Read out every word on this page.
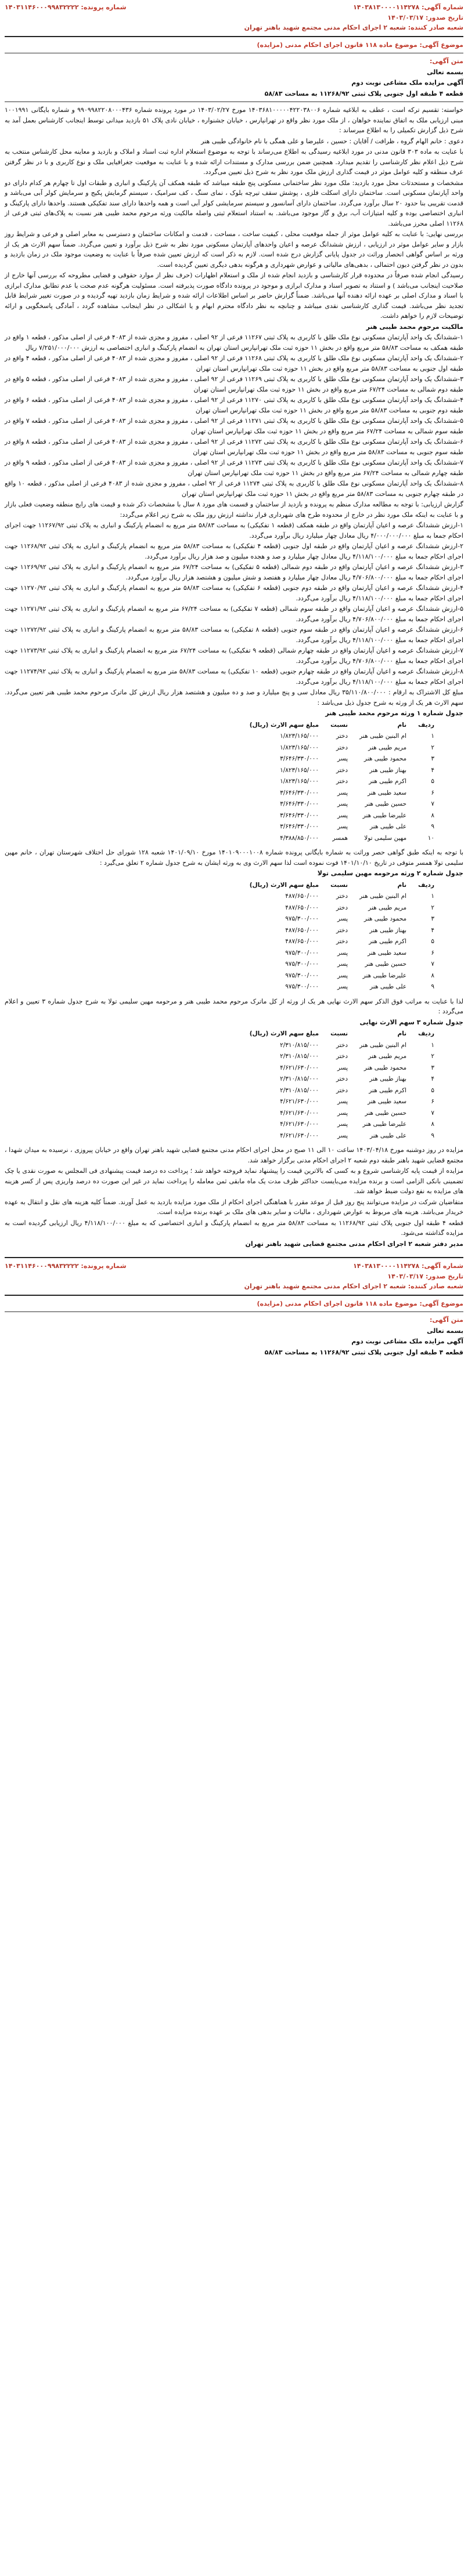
شماره آگهی: ۱۴۰۳۸۱۳۰۰۰۰۱۱۴۲۷۸
شماره پرونده: ۱۴۰۳۱۱۴۶۰۰۰۹۹۸۳۲۲۲۲
تاریخ صدور: ۱۴۰۳/۰۳/۱۷
شعبه صادر کننده: شعبه ۲ اجرای احکام مدنی مجتمع شهید باهنر تهران

موضوع آگهی: موضوع ماده ۱۱۸ قانون اجرای احکام مدنی (مزایده)

متن آگهی:

بسمه تعالی

آگهی مزایده ملک مشاعی نوبت دوم

قطعه ۴ طبقه اول جنوبی پلاک ثبتی ۱۱۲۶۸/۹۲ به مساحت ۵۸/۸۳

خواسته: تقسیم ترکه است ، عطف به ابلاغیه شماره ۱۴۰۳۶۸۱۰۰۰۰۰۴۲۲۰۳۸۰۰۶ مورخ ۱۴۰۳/۰۲/۲۷ در مورد پرونده شماره ۹۹۰۹۹۸۲۲۰۸۰۰۰۴۳۶ و شماره بایگانی ۱۰۰۱۹۹۱ مبنی ارزیابی ملک به اتفاق نماینده خواهان ، از ملک مورد نظر واقع در تهرانپارس ، خیابان جشنواره ، خیابان نادی پلاک ۵۱ بازدید میدانی توسط اینجانب کارشناس بعمل آمد به شرح ذیل گزارش تکمیلی را به اطلاع میرساند :

دعوی : خانم الهام گروه ، ظرافت / آقایان : حسین ، علیرضا و علی همگی با نام خانوادگی طیبی هنر

با عنایت به ماده ۳۰۳ قانون مدنی در مورد ابلاغیه رسیدگی به اطلاع می‌رساند با توجه به موضوع استعلام اداره ثبت اسناد و املاک و بازدید و معاینه محل کارشناس منتخب به شرح ذیل اعلام نظر کارشناسی را تقدیم میدارد. همچنین ضمن بررسی مدارک و مستندات ارائه شده و با عنایت به موقعیت جغرافیایی ملک و نوع کاربری و با در نظر گرفتن عرف منطقه و کلیه عوامل موثر در قیمت گذاری ارزش ملک مورد نظر به شرح ذیل تعیین می‌گردد.

مشخصات و مستحدثات محل مورد بازدید: ملک مورد نظر ساختمانی مسکونی پنج طبقه میباشد که طبقه همکف آن پارکینگ و انباری و طبقات اول تا چهارم هر کدام دارای دو واحد آپارتمان مسکونی است. ساختمان دارای اسکلت فلزی ، پوشش سقف تیرچه بلوک ، نمای سنگ ، کف سرامیک ، سیستم گرمایش پکیج و سرمایش کولر آبی می‌باشد و قدمت تقریبی بنا حدود ۲۰ سال برآورد می‌گردد. ساختمان دارای آسانسور و سیستم سرمایشی کولر آبی است و همه واحدها دارای سند تفکیکی هستند. واحدها دارای پارکینگ و انباری اختصاصی بوده و کلیه امتیازات آب، برق و گاز موجود می‌باشد. به استناد استعلام ثبتی واصله مالکیت ورثه مرحوم محمد طیبی هنر نسبت به پلاک‌های ثبتی فرعی از ۱۱۲۶۸ اصلی محرز می‌باشد.

بررسی نهایی: با عنایت به کلیه عوامل موثر از جمله موقعیت محلی ، کیفیت ساخت ، مساحت ، قدمت و امکانات ساختمان و دسترسی به معابر اصلی و فرعی و شرایط روز بازار و سایر عوامل موثر در ارزیابی ، ارزش ششدانگ عرصه و اعیان واحدهای آپارتمان مسکونی مورد نظر به شرح ذیل برآورد و تعیین می‌گردد. ضمناً سهم الارث هر یک از ورثه بر اساس گواهی انحصار وراثت در جدول پایانی گزارش درج شده است. لازم به ذکر است که ارزش تعیین شده صرفاً با عنایت به وضعیت موجود ملک در زمان بازدید و بدون در نظر گرفتن دیون احتمالی ، بدهی‌های مالیاتی و عوارض شهرداری و هرگونه بدهی دیگری تعیین گردیده است.

رسیدگی انجام شده صرفاً در محدوده قرار کارشناسی و بازدید انجام شده از ملک و استعلام اظهارات (حرف نظر از موارد حقوقی و قضایی مطروحه که بررسی آنها خارج از صلاحیت اینجانب می‌باشد ) و استناد به تصویر اسناد و مدارک ابرازی و موجود در پرونده دادگاه صورت پذیرفته است. مسئولیت هرگونه عدم صحت یا عدم تطابق مدارک ابرازی با اسناد و مدارک اصلی بر عهده ارائه دهنده آنها می‌باشد. ضمناً گزارش حاضر بر اساس اطلاعات ارائه شده و شرایط زمان بازدید تهیه گردیده و در صورت تغییر شرایط قابل تجدید نظر می‌باشد. قیمت گذاری کارشناسی نقدی میباشد و چنانچه به نظر دادگاه محترم ابهام و یا اشکالی در نظر اینجانب مشاهده گردد ، آمادگی پاسخگویی و ارائه توضیحات لازم را خواهم داشت.

مالکیت مرحوم محمد طیبی هنر

۱-ششدانگ یک واحد آپارتمان مسکونی نوع ملک طلق با کاربری به پلاک ثبتی ۱۱۲۶۷ فرعی از ۹۲ اصلی ، مفروز و مجزی شده از ۴۰۸۳ فرعی از اصلی مذکور ، قطعه ۱ واقع در طبقه همکف به مساحت ۵۸/۸۳ متر مربع واقع در بخش ۱۱ حوزه ثبت ملک تهرانپارس استان تهران به انضمام پارکینگ و انباری اختصاصی به ارزش ۷/۲۵۱/۰۰۰/۰۰۰ ریال

۲-ششدانگ یک واحد آپارتمان مسکونی نوع ملک طلق با کاربری به پلاک ثبتی ۱۱۲۶۸ فرعی از ۹۲ اصلی ، مفروز و مجزی شده از ۴۰۸۳ فرعی از اصلی مذکور ، قطعه ۴ واقع در طبقه اول جنوبی به مساحت ۵۸/۸۳ متر مربع واقع در بخش ۱۱ حوزه ثبت ملک تهرانپارس استان تهران

۳-ششدانگ یک واحد آپارتمان مسکونی نوع ملک طلق با کاربری به پلاک ثبتی ۱۱۲۶۹ فرعی از ۹۲ اصلی ، مفروز و مجزی شده از ۴۰۸۳ فرعی از اصلی مذکور ، قطعه ۵ واقع در طبقه دوم شمالی به مساحت ۶۷/۲۴ متر مربع واقع در بخش ۱۱ حوزه ثبت ملک تهرانپارس استان تهران

۴-ششدانگ یک واحد آپارتمان مسکونی نوع ملک طلق با کاربری به پلاک ثبتی ۱۱۲۷۰ فرعی از ۹۲ اصلی ، مفروز و مجزی شده از ۴۰۸۳ فرعی از اصلی مذکور ، قطعه ۶ واقع در طبقه دوم جنوبی به مساحت ۵۸/۸۳ متر مربع واقع در بخش ۱۱ حوزه ثبت ملک تهرانپارس استان تهران

۵-ششدانگ یک واحد آپارتمان مسکونی نوع ملک طلق با کاربری به پلاک ثبتی ۱۱۲۷۱ فرعی از ۹۲ اصلی ، مفروز و مجزی شده از ۴۰۸۳ فرعی از اصلی مذکور ، قطعه ۷ واقع در طبقه سوم شمالی به مساحت ۶۷/۲۴ متر مربع واقع در بخش ۱۱ حوزه ثبت ملک تهرانپارس استان تهران

۶-ششدانگ یک واحد آپارتمان مسکونی نوع ملک طلق با کاربری به پلاک ثبتی ۱۱۲۷۲ فرعی از ۹۲ اصلی ، مفروز و مجزی شده از ۴۰۸۳ فرعی از اصلی مذکور ، قطعه ۸ واقع در طبقه سوم جنوبی به مساحت ۵۸/۸۳ متر مربع واقع در بخش ۱۱ حوزه ثبت ملک تهرانپارس استان تهران

۷-ششدانگ یک واحد آپارتمان مسکونی نوع ملک طلق با کاربری به پلاک ثبتی ۱۱۲۷۳ فرعی از ۹۲ اصلی ، مفروز و مجزی شده از ۴۰۸۳ فرعی از اصلی مذکور ، قطعه ۹ واقع در طبقه چهارم شمالی به مساحت ۶۷/۲۴ متر مربع واقع در بخش ۱۱ حوزه ثبت ملک تهرانپارس استان تهران

۸-ششدانگ یک واحد آپارتمان مسکونی نوع ملک طلق با کاربری به پلاک ثبتی ۱۱۲۷۴ فرعی از ۹۲ اصلی ، مفروز و مجزی شده از ۴۰۸۳ فرعی از اصلی مذکور ، قطعه ۱۰ واقع در طبقه چهارم جنوبی به مساحت ۵۸/۸۳ متر مربع واقع در بخش ۱۱ حوزه ثبت ملک تهرانپارس استان تهران

گزارش ارزیابی: با توجه به مطالعه مدارک منظم به پرونده و بازدید از ساختمان و قسمت های مورد ۸ سال با مشخصات ذکر شده و قیمت های رایج منطقه وضعیت فعلی بازار و با عنایت به اینکه ملک مورد نظر در خارج از محدوده طرح های شهرداری قرار نداشته ارزش روز ملک به شرح زیر اعلام می‌گردد:

۱-ارزش ششدانگ عرصه و اعیان آپارتمان واقع در طبقه همکف (قطعه ۱ تفکیکی) به مساحت ۵۸/۸۳ متر مربع به انضمام پارکینگ و انباری به پلاک ثبتی ۱۱۲۶۷/۹۲ جهت اجرای احکام جمعا به مبلغ ۴/۰۰۰/۰۰۰/۰۰۰ ریال معادل چهار میلیارد ریال برآورد می‌گردد.

۲-ارزش ششدانگ عرصه و اعیان آپارتمان واقع در طبقه اول جنوبی (قطعه ۴ تفکیکی) به مساحت ۵۸/۸۳ متر مربع به انضمام پارکینگ و انباری به پلاک ثبتی ۱۱۲۶۸/۹۲ جهت اجرای احکام جمعا به مبلغ ۴/۱۱۸/۱۰۰/۰۰۰ ریال معادل چهار میلیارد و صد و هجده میلیون و صد هزار ریال برآورد می‌گردد.

۳-ارزش ششدانگ عرصه و اعیان آپارتمان واقع در طبقه دوم شمالی (قطعه ۵ تفکیکی) به مساحت ۶۷/۲۴ متر مربع به انضمام پارکینگ و انباری به پلاک ثبتی ۱۱۲۶۹/۹۲ جهت اجرای احکام جمعا به مبلغ ۴/۷۰۶/۸۰۰/۰۰۰ ریال معادل چهار میلیارد و هفتصد و شش میلیون و هشتصد هزار ریال برآورد می‌گردد.

۴-ارزش ششدانگ عرصه و اعیان آپارتمان واقع در طبقه دوم جنوبی (قطعه ۶ تفکیکی) به مساحت ۵۸/۸۳ متر مربع به انضمام پارکینگ و انباری به پلاک ثبتی ۱۱۲۷۰/۹۲ جهت اجرای احکام جمعا به مبلغ ۴/۱۱۸/۱۰۰/۰۰۰ ریال برآورد می‌گردد.

۵-ارزش ششدانگ عرصه و اعیان آپارتمان واقع در طبقه سوم شمالی (قطعه ۷ تفکیکی) به مساحت ۶۷/۲۴ متر مربع به انضمام پارکینگ و انباری به پلاک ثبتی ۱۱۲۷۱/۹۲ جهت اجرای احکام جمعا به مبلغ ۴/۷۰۶/۸۰۰/۰۰۰ ریال برآورد می‌گردد.

۶-ارزش ششدانگ عرصه و اعیان آپارتمان واقع در طبقه سوم جنوبی (قطعه ۸ تفکیکی) به مساحت ۵۸/۸۳ متر مربع به انضمام پارکینگ و انباری به پلاک ثبتی ۱۱۲۷۲/۹۲ جهت اجرای احکام جمعا به مبلغ ۴/۱۱۸/۱۰۰/۰۰۰ ریال برآورد می‌گردد.

۷-ارزش ششدانگ عرصه و اعیان آپارتمان واقع در طبقه چهارم شمالی (قطعه ۹ تفکیکی) به مساحت ۶۷/۲۴ متر مربع به انضمام پارکینگ و انباری به پلاک ثبتی ۱۱۲۷۳/۹۲ جهت اجرای احکام جمعا به مبلغ ۴/۷۰۶/۸۰۰/۰۰۰ ریال برآورد می‌گردد.

۸-ارزش ششدانگ عرصه و اعیان آپارتمان واقع در طبقه چهارم جنوبی (قطعه ۱۰ تفکیکی) به مساحت ۵۸/۸۳ متر مربع به انضمام پارکینگ و انباری به پلاک ثبتی ۱۱۲۷۴/۹۲ جهت اجرای احکام جمعا به مبلغ ۴/۱۱۸/۱۰۰/۰۰۰ ریال برآورد می‌گردد.

مبلغ کل الاشتراک به ارقام : ۳۵/۱۱۰/۸۰۰/۰۰۰ ریال معادل سی و پنج میلیارد و صد و ده میلیون و هشتصد هزار ریال ارزش کل ماترک مرحوم محمد طیبی هنر تعیین می‌گردد. سهم الارث هر یک از ورثه به شرح جدول ذیل می‌باشد :

جدول شماره ۱ ورثه مرحوم محمد طیبی هنر

ردیف	نام	نسبت	مبلغ سهم الارث (ریال)
۱	ام البنین طیبی هنر	دختر	۱/۸۲۳/۱۶۵/۰۰۰
۲	مریم طیبی هنر	دختر	۱/۸۲۳/۱۶۵/۰۰۰
۳	محمود طیبی هنر	پسر	۳/۶۴۶/۳۳۰/۰۰۰
۴	بهناز طیبی هنر	دختر	۱/۸۲۳/۱۶۵/۰۰۰
۵	اکرم طیبی هنر	دختر	۱/۸۲۳/۱۶۵/۰۰۰
۶	سعید طیبی هنر	پسر	۳/۶۴۶/۳۳۰/۰۰۰
۷	حسین طیبی هنر	پسر	۳/۶۴۶/۳۳۰/۰۰۰
۸	علیرضا طیبی هنر	پسر	۳/۶۴۶/۳۳۰/۰۰۰
۹	علی طیبی هنر	پسر	۳/۶۴۶/۳۳۰/۰۰۰
۱۰	مهین سلیمی تولا	همسر	۴/۳۸۸/۸۵۰/۰۰۰

با توجه به اینکه طبق گواهی حصر وراثت به شماره بایگانی پرونده شماره ۱۴۰۱۰۹۰۰۰۱۰۰۸ مورخ ۱۴۰۱/۰۹/۱۰ شعبه ۱۲۸ شورای حل اختلاف شهرستان تهران ، خانم مهین سلیمی تولا همسر متوفی در تاریخ ۱۴۰۱/۱۰/۱۰ فوت نموده است لذا سهم الارث وی به ورثه ایشان به شرح جدول شماره ۲ تعلق می‌گیرد :

جدول شماره ۲ ورثه مرحومه مهین سلیمی تولا

ردیف	نام	نسبت	مبلغ سهم الارث (ریال)
۱	ام البنین طیبی هنر	دختر	۴۸۷/۶۵۰/۰۰۰
۲	مریم طیبی هنر	دختر	۴۸۷/۶۵۰/۰۰۰
۳	محمود طیبی هنر	پسر	۹۷۵/۳۰۰/۰۰۰
۴	بهناز طیبی هنر	دختر	۴۸۷/۶۵۰/۰۰۰
۵	اکرم طیبی هنر	دختر	۴۸۷/۶۵۰/۰۰۰
۶	سعید طیبی هنر	پسر	۹۷۵/۳۰۰/۰۰۰
۷	حسین طیبی هنر	پسر	۹۷۵/۳۰۰/۰۰۰
۸	علیرضا طیبی هنر	پسر	۹۷۵/۳۰۰/۰۰۰
۹	علی طیبی هنر	پسر	۹۷۵/۳۰۰/۰۰۰

لذا با عنایت به مراتب فوق الذکر سهم الارث نهایی هر یک از ورثه از کل ماترک مرحوم محمد طیبی هنر و مرحومه مهین سلیمی تولا به شرح جدول شماره ۳ تعیین و اعلام می‌گردد :

جدول شماره ۳ سهم الارث نهایی

ردیف	نام	نسبت	مبلغ سهم الارث (ریال)
۱	ام البنین طیبی هنر	دختر	۲/۳۱۰/۸۱۵/۰۰۰
۲	مریم طیبی هنر	دختر	۲/۳۱۰/۸۱۵/۰۰۰
۳	محمود طیبی هنر	پسر	۴/۶۲۱/۶۳۰/۰۰۰
۴	بهناز طیبی هنر	دختر	۲/۳۱۰/۸۱۵/۰۰۰
۵	اکرم طیبی هنر	دختر	۲/۳۱۰/۸۱۵/۰۰۰
۶	سعید طیبی هنر	پسر	۴/۶۲۱/۶۳۰/۰۰۰
۷	حسین طیبی هنر	پسر	۴/۶۲۱/۶۳۰/۰۰۰
۸	علیرضا طیبی هنر	پسر	۴/۶۲۱/۶۳۰/۰۰۰
۹	علی طیبی هنر	پسر	۴/۶۲۱/۶۳۰/۰۰۰

مزایده در روز دوشنبه مورخ ۱۴۰۳/۰۴/۱۸ ساعت ۱۰ الی ۱۱ صبح در محل اجرای احکام مدنی مجتمع قضایی شهید باهنر تهران واقع در خیابان پیروزی ، نرسیده به میدان شهدا ، مجتمع قضایی شهید باهنر طبقه دوم شعبه ۲ اجرای احکام مدنی برگزار خواهد شد.

مزایده از قیمت پایه کارشناسی شروع و به کسی که بالاترین قیمت را پیشنهاد نماید فروخته خواهد شد ؛ پرداخت ده درصد قیمت پیشنهادی فی المجلس به صورت نقدی یا چک تضمینی بانکی الزامی است و برنده مزایده می‌بایست حداکثر ظرف مدت یک ماه مابقی ثمن معامله را پرداخت نماید در غیر این صورت ده درصد واریزی پس از کسر هزینه های مزایده به نفع دولت ضبط خواهد شد.

متقاضیان شرکت در مزایده می‌توانند پنج روز قبل از موعد مقرر با هماهنگی اجرای احکام از ملک مورد مزایده بازدید به عمل آورند. ضمناً کلیه هزینه های نقل و انتقال به عهده خریدار می‌باشد. هزینه های مربوط به عوارض شهرداری ، مالیات و سایر بدهی های ملک بر عهده برنده مزایده است.

قطعه ۴ طبقه اول جنوبی پلاک ثبتی ۱۱۲۶۸/۹۲ به مساحت ۵۸/۸۳ متر مربع به انضمام پارکینگ و انباری اختصاصی که به مبلغ ۴/۱۱۸/۱۰۰/۰۰۰ ریال ارزیابی گردیده است به مزایده گذاشته می‌شود.

مدیر دفتر شعبه ۲ اجرای احکام مدنی مجتمع قضایی شهید باهنر تهران

شماره آگهی: ۱۴۰۳۸۱۳۰۰۰۰۱۱۴۲۷۸
شماره پرونده: ۱۴۰۳۱۱۴۶۰۰۰۹۹۸۳۲۲۲۲
تاریخ صدور: ۱۴۰۳/۰۳/۱۷
شعبه صادر کننده: شعبه ۲ اجرای احکام مدنی مجتمع شهید باهنر تهران

موضوع آگهی: موضوع ماده ۱۱۸ قانون اجرای احکام مدنی (مزایده)

متن آگهی:

بسمه تعالی

آگهی مزایده ملک مشاعی نوبت دوم

قطعه ۴ طبقه اول جنوبی پلاک ثبتی ۱۱۲۶۸/۹۲ به مساحت ۵۸/۸۳
